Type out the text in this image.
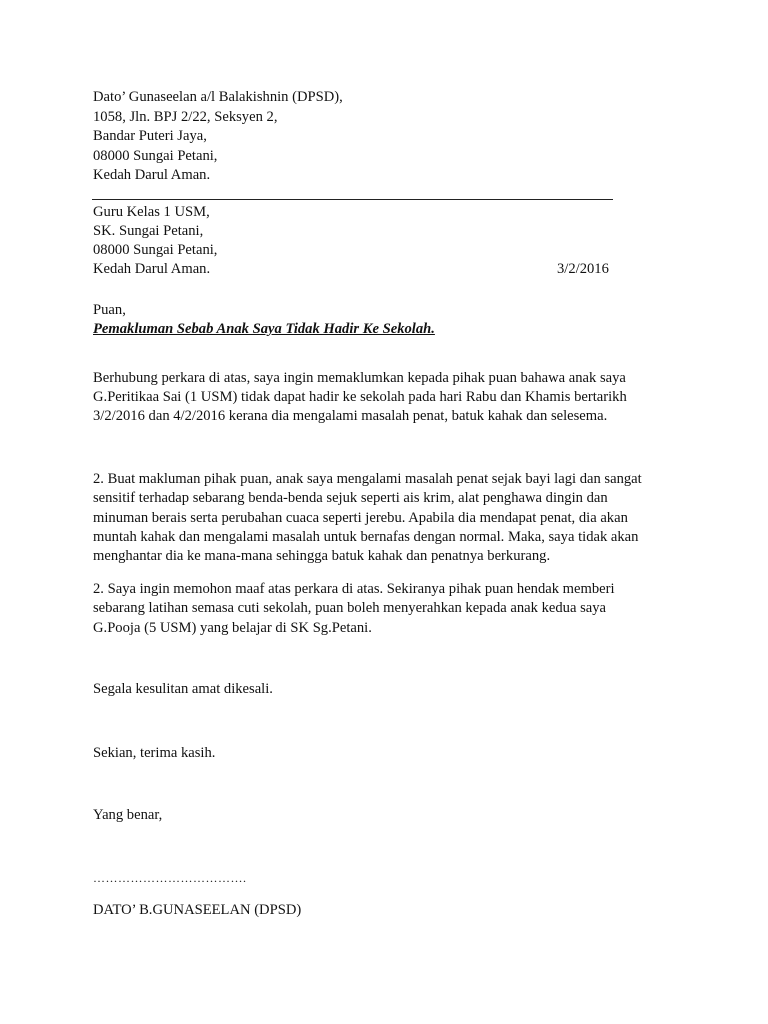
Dato’ Gunaseelan a/l Balakishnin (DPSD),
1058, Jln. BPJ 2/22, Seksyen 2,
Bandar Puteri Jaya,
08000 Sungai Petani,
Kedah Darul Aman.
Guru Kelas 1 USM,
SK. Sungai Petani,
08000 Sungai Petani,
Kedah Darul Aman.	3/2/2016
Puan,
Pemakluman Sebab Anak Saya Tidak Hadir Ke Sekolah.
Berhubung perkara di atas, saya ingin memaklumkan kepada pihak puan bahawa anak saya
G.Peritikaa Sai (1 USM) tidak dapat hadir ke sekolah pada hari Rabu dan Khamis bertarikh
3/2/2016 dan 4/2/2016 kerana dia mengalami masalah penat, batuk kahak dan selesema.
2. Buat makluman pihak puan, anak saya mengalami masalah penat sejak bayi lagi dan sangat
sensitif terhadap sebarang benda-benda sejuk seperti ais krim, alat penghawa dingin dan
minuman berais serta perubahan cuaca seperti jerebu. Apabila dia mendapat penat, dia akan
muntah kahak dan mengalami masalah untuk bernafas dengan normal. Maka, saya tidak akan
menghantar dia ke mana-mana sehingga batuk kahak dan penatnya berkurang.
2. Saya ingin memohon maaf atas perkara di atas. Sekiranya pihak puan hendak memberi
sebarang latihan semasa cuti sekolah, puan boleh menyerahkan kepada anak kedua saya
G.Pooja (5 USM) yang belajar di SK Sg.Petani.
Segala kesulitan amat dikesali.
Sekian, terima kasih.
Yang benar,
……………………………….
DATO’ B.GUNASEELAN (DPSD)
